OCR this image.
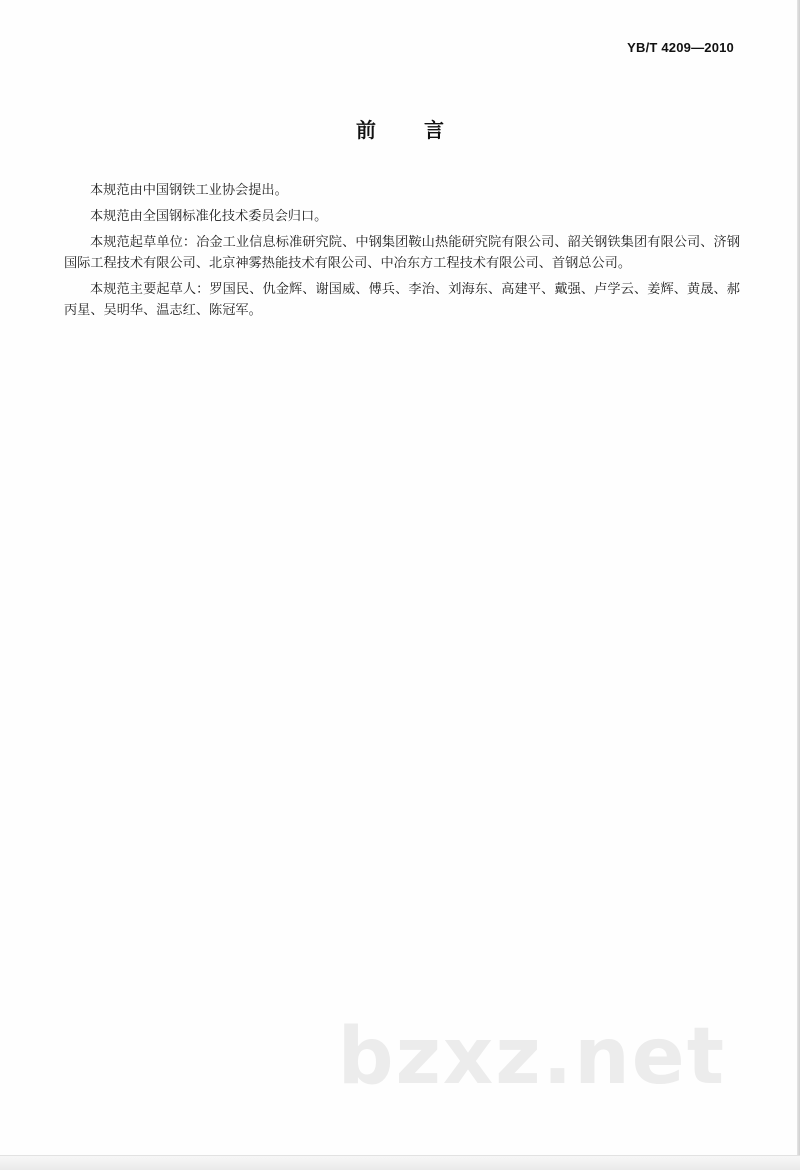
YB/T 4209—2010
前言

本规范由中国钢铁工业协会提出。

本规范由全国钢标准化技术委员会归口。

本规范起草单位：冶金工业信息标准研究院、中钢集团鞍山热能研究院有限公司、韶关钢铁集团有限公司、济钢国际工程技术有限公司、北京神雾热能技术有限公司、中冶东方工程技术有限公司、首钢总公司。

本规范主要起草人：罗国民、仇金辉、谢国威、傅兵、李治、刘海东、高建平、戴强、卢学云、姜辉、黄晟、郝丙星、吴明华、温志红、陈冠军。

bzxz.net
